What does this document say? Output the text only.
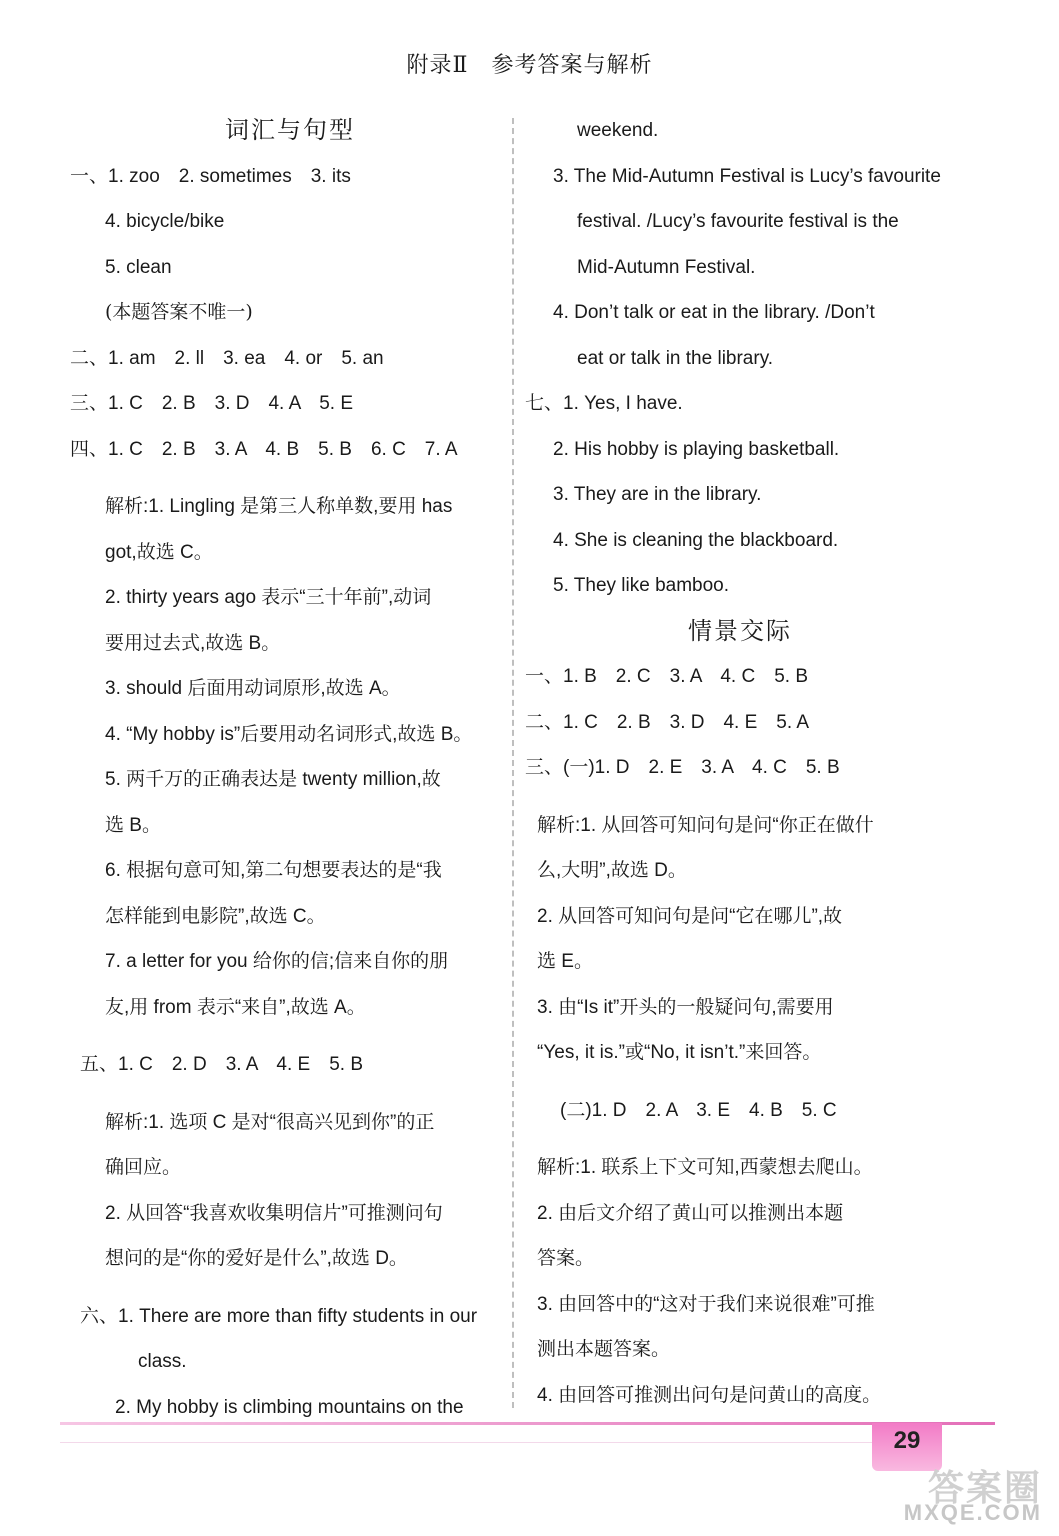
附录Ⅱ　参考答案与解析
词汇与句型
一、1. zoo　2. sometimes　3. its
4. bicycle/bike
5. clean
(本题答案不唯一)
二、1. am　2. ll　3. ea　4. or　5. an
三、1. C　2. B　3. D　4. A　5. E
四、1. C　2. B　3. A　4. B　5. B　6. C　7. A
解析:1. Lingling 是第三人称单数,要用 has
got,故选 C。
2. thirty years ago 表示“三十年前”,动词
要用过去式,故选 B。
3. should 后面用动词原形,故选 A。
4. “My hobby is”后要用动名词形式,故选 B。
5. 两千万的正确表达是 twenty million,故
选 B。
6. 根据句意可知,第二句想要表达的是“我
怎样能到电影院”,故选 C。
7. a letter for you 给你的信;信来自你的朋
友,用 from 表示“来自”,故选 A。
五、1. C　2. D　3. A　4. E　5. B
解析:1. 选项 C 是对“很高兴见到你”的正
确回应。
2. 从回答“我喜欢收集明信片”可推测问句
想问的是“你的爱好是什么”,故选 D。
六、1. There are more than fifty students in our
class.
2. My hobby is climbing mountains on the
weekend.
3. The Mid-Autumn Festival is Lucy’s favourite
festival. /Lucy’s favourite festival is the
Mid-Autumn Festival.
4. Don’t talk or eat in the library. /Don’t
eat or talk in the library.
七、1. Yes, I have.
2. His hobby is playing basketball.
3. They are in the library.
4. She is cleaning the blackboard.
5. They like bamboo.
情景交际
一、1. B　2. C　3. A　4. C　5. B
二、1. C　2. B　3. D　4. E　5. A
三、(一)1. D　2. E　3. A　4. C　5. B
解析:1. 从回答可知问句是问“你正在做什
么,大明”,故选 D。
2. 从回答可知问句是问“它在哪儿”,故
选 E。
3. 由“Is it”开头的一般疑问句,需要用
“Yes, it is.”或“No, it isn’t.”来回答。
(二)1. D　2. A　3. E　4. B　5. C
解析:1. 联系上下文可知,西蒙想去爬山。
2. 由后文介绍了黄山可以推测出本题
答案。
3. 由回答中的“这对于我们来说很难”可推
测出本题答案。
4. 由回答可推测出问句是问黄山的高度。
29
答案圈
MXQE.COM
